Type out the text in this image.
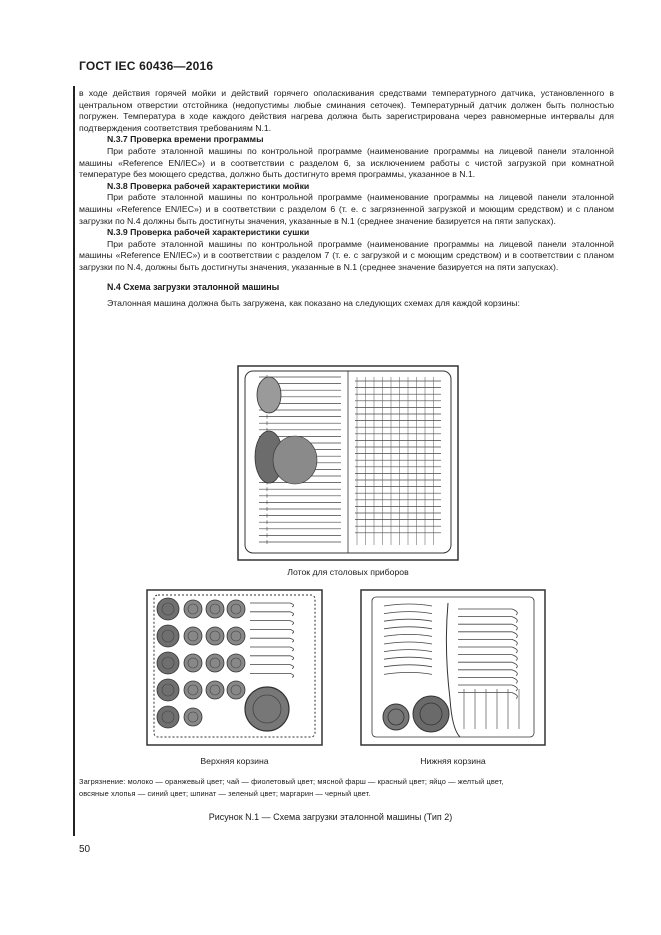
ГОСТ IEC 60436—2016

в ходе действия горячей мойки и действий горячего ополаскивания средствами температурного датчика, установленного в центральном отверстии отстойника (недопустимы любые сминания сеточек). Температурный датчик должен быть полностью погружен. Температура в ходе каждого действия нагрева должна быть зарегистрирована через равномерные интервалы для подтверждения соответствия требованиям N.1.

N.3.7 Проверка времени программы

При работе эталонной машины по контрольной программе (наименование программы на лицевой панели эталонной машины «Reference EN/IEC») и в соответствии с разделом 6, за исключением работы с чистой загрузкой при комнатной температуре без моющего средства, должно быть достигнуто время программы, указанное в N.1.

N.3.8 Проверка рабочей характеристики мойки

При работе эталонной машины по контрольной программе (наименование программы на лицевой панели эталонной машины «Reference EN/IEC») и в соответствии с разделом 6 (т. е. с загрязненной загрузкой и моющим средством) и с планом загрузки по N.4 должны быть достигнуты значения, указанные в N.1 (среднее значение базируется на пяти запусках).

N.3.9 Проверка рабочей характеристики сушки

При работе эталонной машины по контрольной программе (наименование программы на лицевой панели эталонной машины «Reference EN/IEC») и в соответствии с разделом 7 (т. е. с загрузкой и с моющим средством) и в соответствии с планом загрузки по N.4, должны быть достигнуты значения, указанные в N.1 (среднее значение базируется на пяти запусках).

N.4 Схема загрузки эталонной машины

Эталонная машина должна быть загружена, как показано на следующих схемах для каждой корзины:

Лоток для столовых приборов
Верхняя корзина	Нижняя корзина
Загрязнение: молоко — оранжевый цвет; чай — фиолетовый цвет; мясной фарш — красный цвет; яйцо — желтый цвет,
овсяные хлопья — синий цвет; шпинат — зеленый цвет; маргарин — черный цвет.
Рисунок N.1 — Схема загрузки эталонной машины (Тип 2)
50
